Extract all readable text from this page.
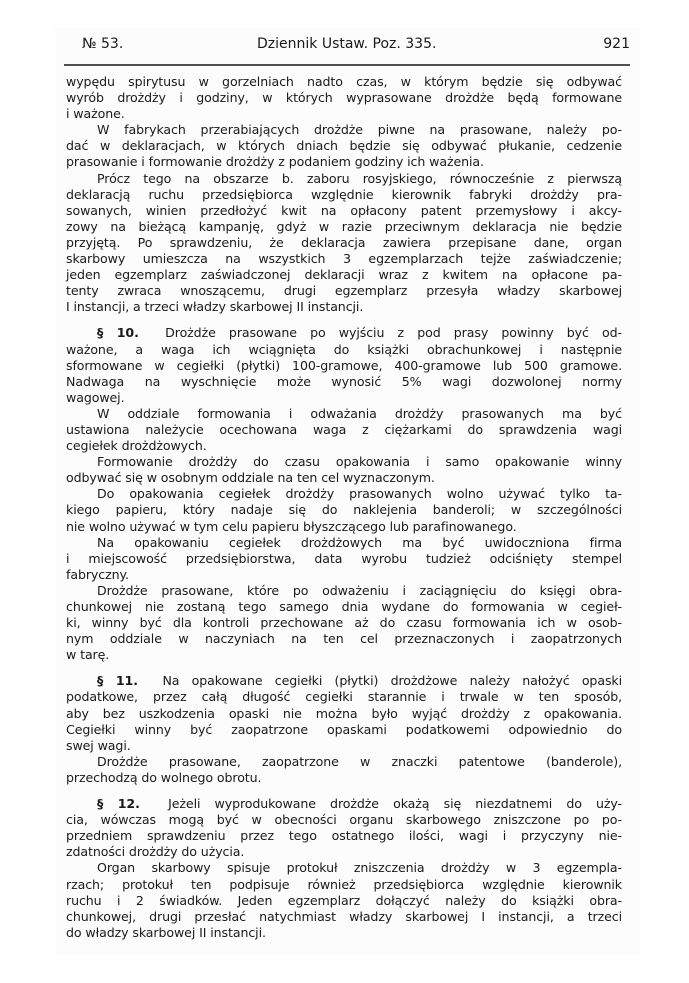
№ 53.	Dziennik Ustaw. Poz. 335.	921

wypędu spirytusu w gorzelniach nadto czas, w którym będzie się odbywać
wyrób drożdży i godziny, w których wyprasowane drożdże będą formowane
i ważone.

W fabrykach przerabiających drożdże piwne na prasowane, należy po-
dać w deklaracjach, w których dniach będzie się odbywać płukanie, cedzenie
prasowanie i formowanie drożdży z podaniem godziny ich ważenia.

Prócz tego na obszarze b. zaboru rosyjskiego, równocześnie z pierwszą
deklaracją ruchu przedsiębiorca względnie kierownik fabryki drożdży pra-
sowanych, winien przedłożyć kwit na opłacony patent przemysłowy i akcy-
zowy na bieżącą kampanję, gdyż w razie przeciwnym deklaracja nie będzie
przyjętą. Po sprawdzeniu, że deklaracja zawiera przepisane dane, organ
skarbowy umieszcza na wszystkich 3 egzemplarzach tejże zaświadczenie;
jeden egzemplarz zaświadczonej deklaracji wraz z kwitem na opłacone pa-
tenty zwraca wnoszącemu, drugi egzemplarz przesyła władzy skarbowej
I instancji, a trzeci władzy skarbowej II instancji.

§ 10. Drożdże prasowane po wyjściu z pod prasy powinny być od-
ważone, a waga ich wciągnięta do książki obrachunkowej i następnie
sformowane w cegiełki (płytki) 100-gramowe, 400-gramowe lub 500 gramowe.
Nadwaga na wyschnięcie może wynosić 5% wagi dozwolonej normy
wagowej.

W oddziale formowania i odważania drożdży prasowanych ma być
ustawiona należycie ocechowana waga z ciężarkami do sprawdzenia wagi
cegiełek drożdżowych.

Formowanie drożdży do czasu opakowania i samo opakowanie winny
odbywać się w osobnym oddziale na ten cel wyznaczonym.

Do opakowania cegiełek drożdży prasowanych wolno używać tylko ta-
kiego papieru, który nadaje się do naklejenia banderoli; w szczególności
nie wolno używać w tym celu papieru błyszczącego lub parafinowanego.

Na opakowaniu cegiełek drożdżowych ma być uwidoczniona firma
i miejscowość przedsiębiorstwa, data wyrobu tudzież odciśnięty stempel
fabryczny.

Drożdże prasowane, które po odważeniu i zaciągnięciu do księgi obra-
chunkowej nie zostaną tego samego dnia wydane do formowania w cegieł-
ki, winny być dla kontroli przechowane aż do czasu formowania ich w osob-
nym oddziale w naczyniach na ten cel przeznaczonych i zaopatrzonych
w tarę.

§ 11. Na opakowane cegiełki (płytki) drożdżowe należy nałożyć opaski
podatkowe, przez całą długość cegiełki starannie i trwale w ten sposób,
aby bez uszkodzenia opaski nie można było wyjąć drożdży z opakowania.
Cegiełki winny być zaopatrzone opaskami podatkowemi odpowiednio do
swej wagi.

Drożdże prasowane, zaopatrzone w znaczki patentowe (banderole),
przechodzą do wolnego obrotu.

§ 12. Jeżeli wyprodukowane drożdże okażą się niezdatnemi do uży-
cia, wówczas mogą być w obecności organu skarbowego zniszczone po po-
przedniem sprawdzeniu przez tego ostatnego ilości, wagi i przyczyny nie-
zdatności drożdży do użycia.

Organ skarbowy spisuje protokuł zniszczenia drożdży w 3 egzempla-
rzach; protokuł ten podpisuje również przedsiębiorca względnie kierownik
ruchu i 2 świadków. Jeden egzemplarz dołączyć należy do książki obra-
chunkowej, drugi przesłać natychmiast władzy skarbowej I instancji, a trzeci
do władzy skarbowej II instancji.
